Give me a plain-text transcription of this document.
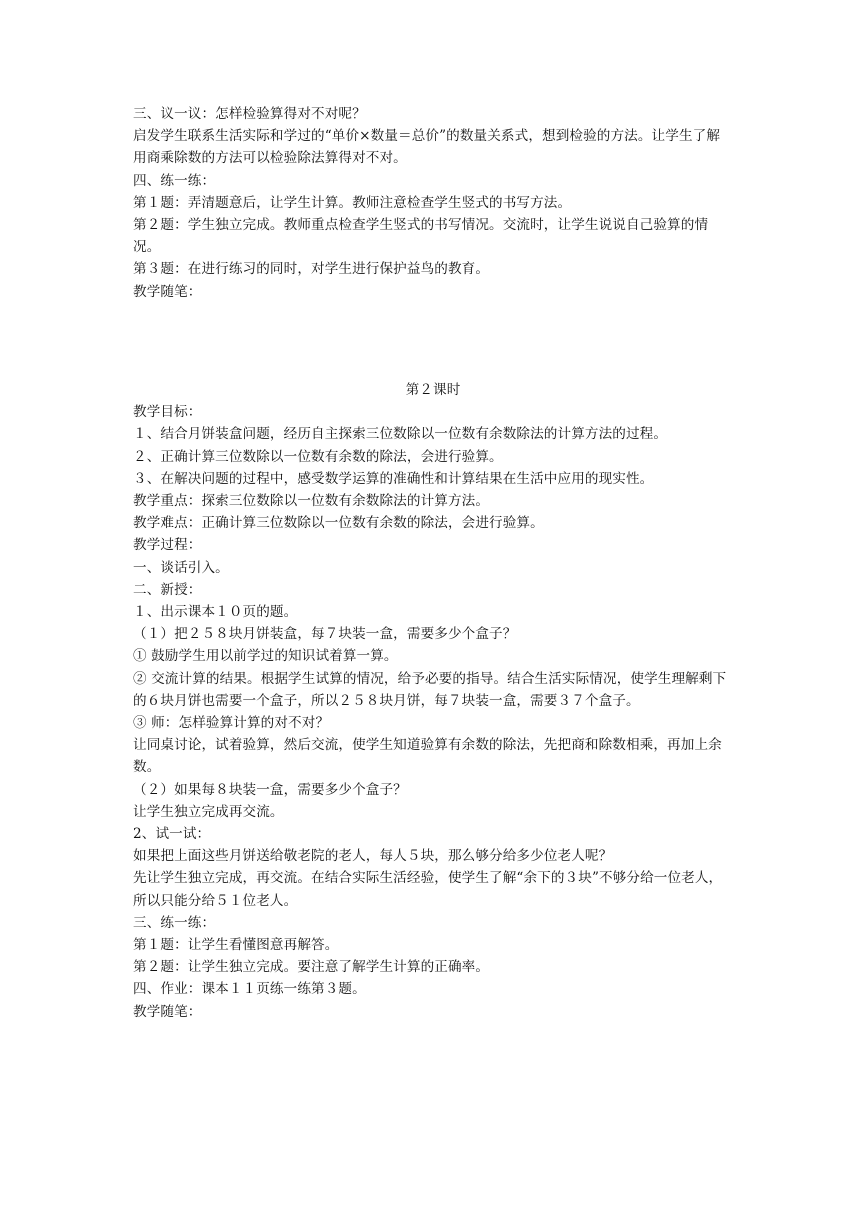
三、议一议：怎样检验算得对不对呢？

启发学生联系生活实际和学过的“单价×数量＝总价”的数量关系式，想到检验的方法。让学生了解用商乘除数的方法可以检验除法算得对不对。

四、练一练：

第１题：弄清题意后，让学生计算。教师注意检查学生竖式的书写方法。

第２题：学生独立完成。教师重点检查学生竖式的书写情况。交流时，让学生说说自己验算的情况。

第３题：在进行练习的同时，对学生进行保护益鸟的教育。

教学随笔：

第２课时

教学目标：

１、结合月饼装盒问题，经历自主探索三位数除以一位数有余数除法的计算方法的过程。

２、正确计算三位数除以一位数有余数的除法，会进行验算。

３、在解决问题的过程中，感受数学运算的准确性和计算结果在生活中应用的现实性。

教学重点：探索三位数除以一位数有余数除法的计算方法。

教学难点：正确计算三位数除以一位数有余数的除法，会进行验算。

教学过程：

一、谈话引入。

二、新授：

１、出示课本１０页的题。

（１）把２５８块月饼装盒，每７块装一盒，需要多少个盒子？

① 鼓励学生用以前学过的知识试着算一算。

② 交流计算的结果。根据学生试算的情况，给予必要的指导。结合生活实际情况，使学生理解剩下的６块月饼也需要一个盒子，所以２５８块月饼，每７块装一盒，需要３７个盒子。

③ 师：怎样验算计算的对不对？

让同桌讨论，试着验算，然后交流，使学生知道验算有余数的除法，先把商和除数相乘，再加上余数。

（２）如果每８块装一盒，需要多少个盒子？

让学生独立完成再交流。

2、试一试：

如果把上面这些月饼送给敬老院的老人，每人５块，那么够分给多少位老人呢？

先让学生独立完成，再交流。在结合实际生活经验，使学生了解“余下的３块”不够分给一位老人，所以只能分给５１位老人。

三、练一练：

第１题：让学生看懂图意再解答。

第２题：让学生独立完成。要注意了解学生计算的正确率。

四、作业：课本１１页练一练第３题。

教学随笔：
